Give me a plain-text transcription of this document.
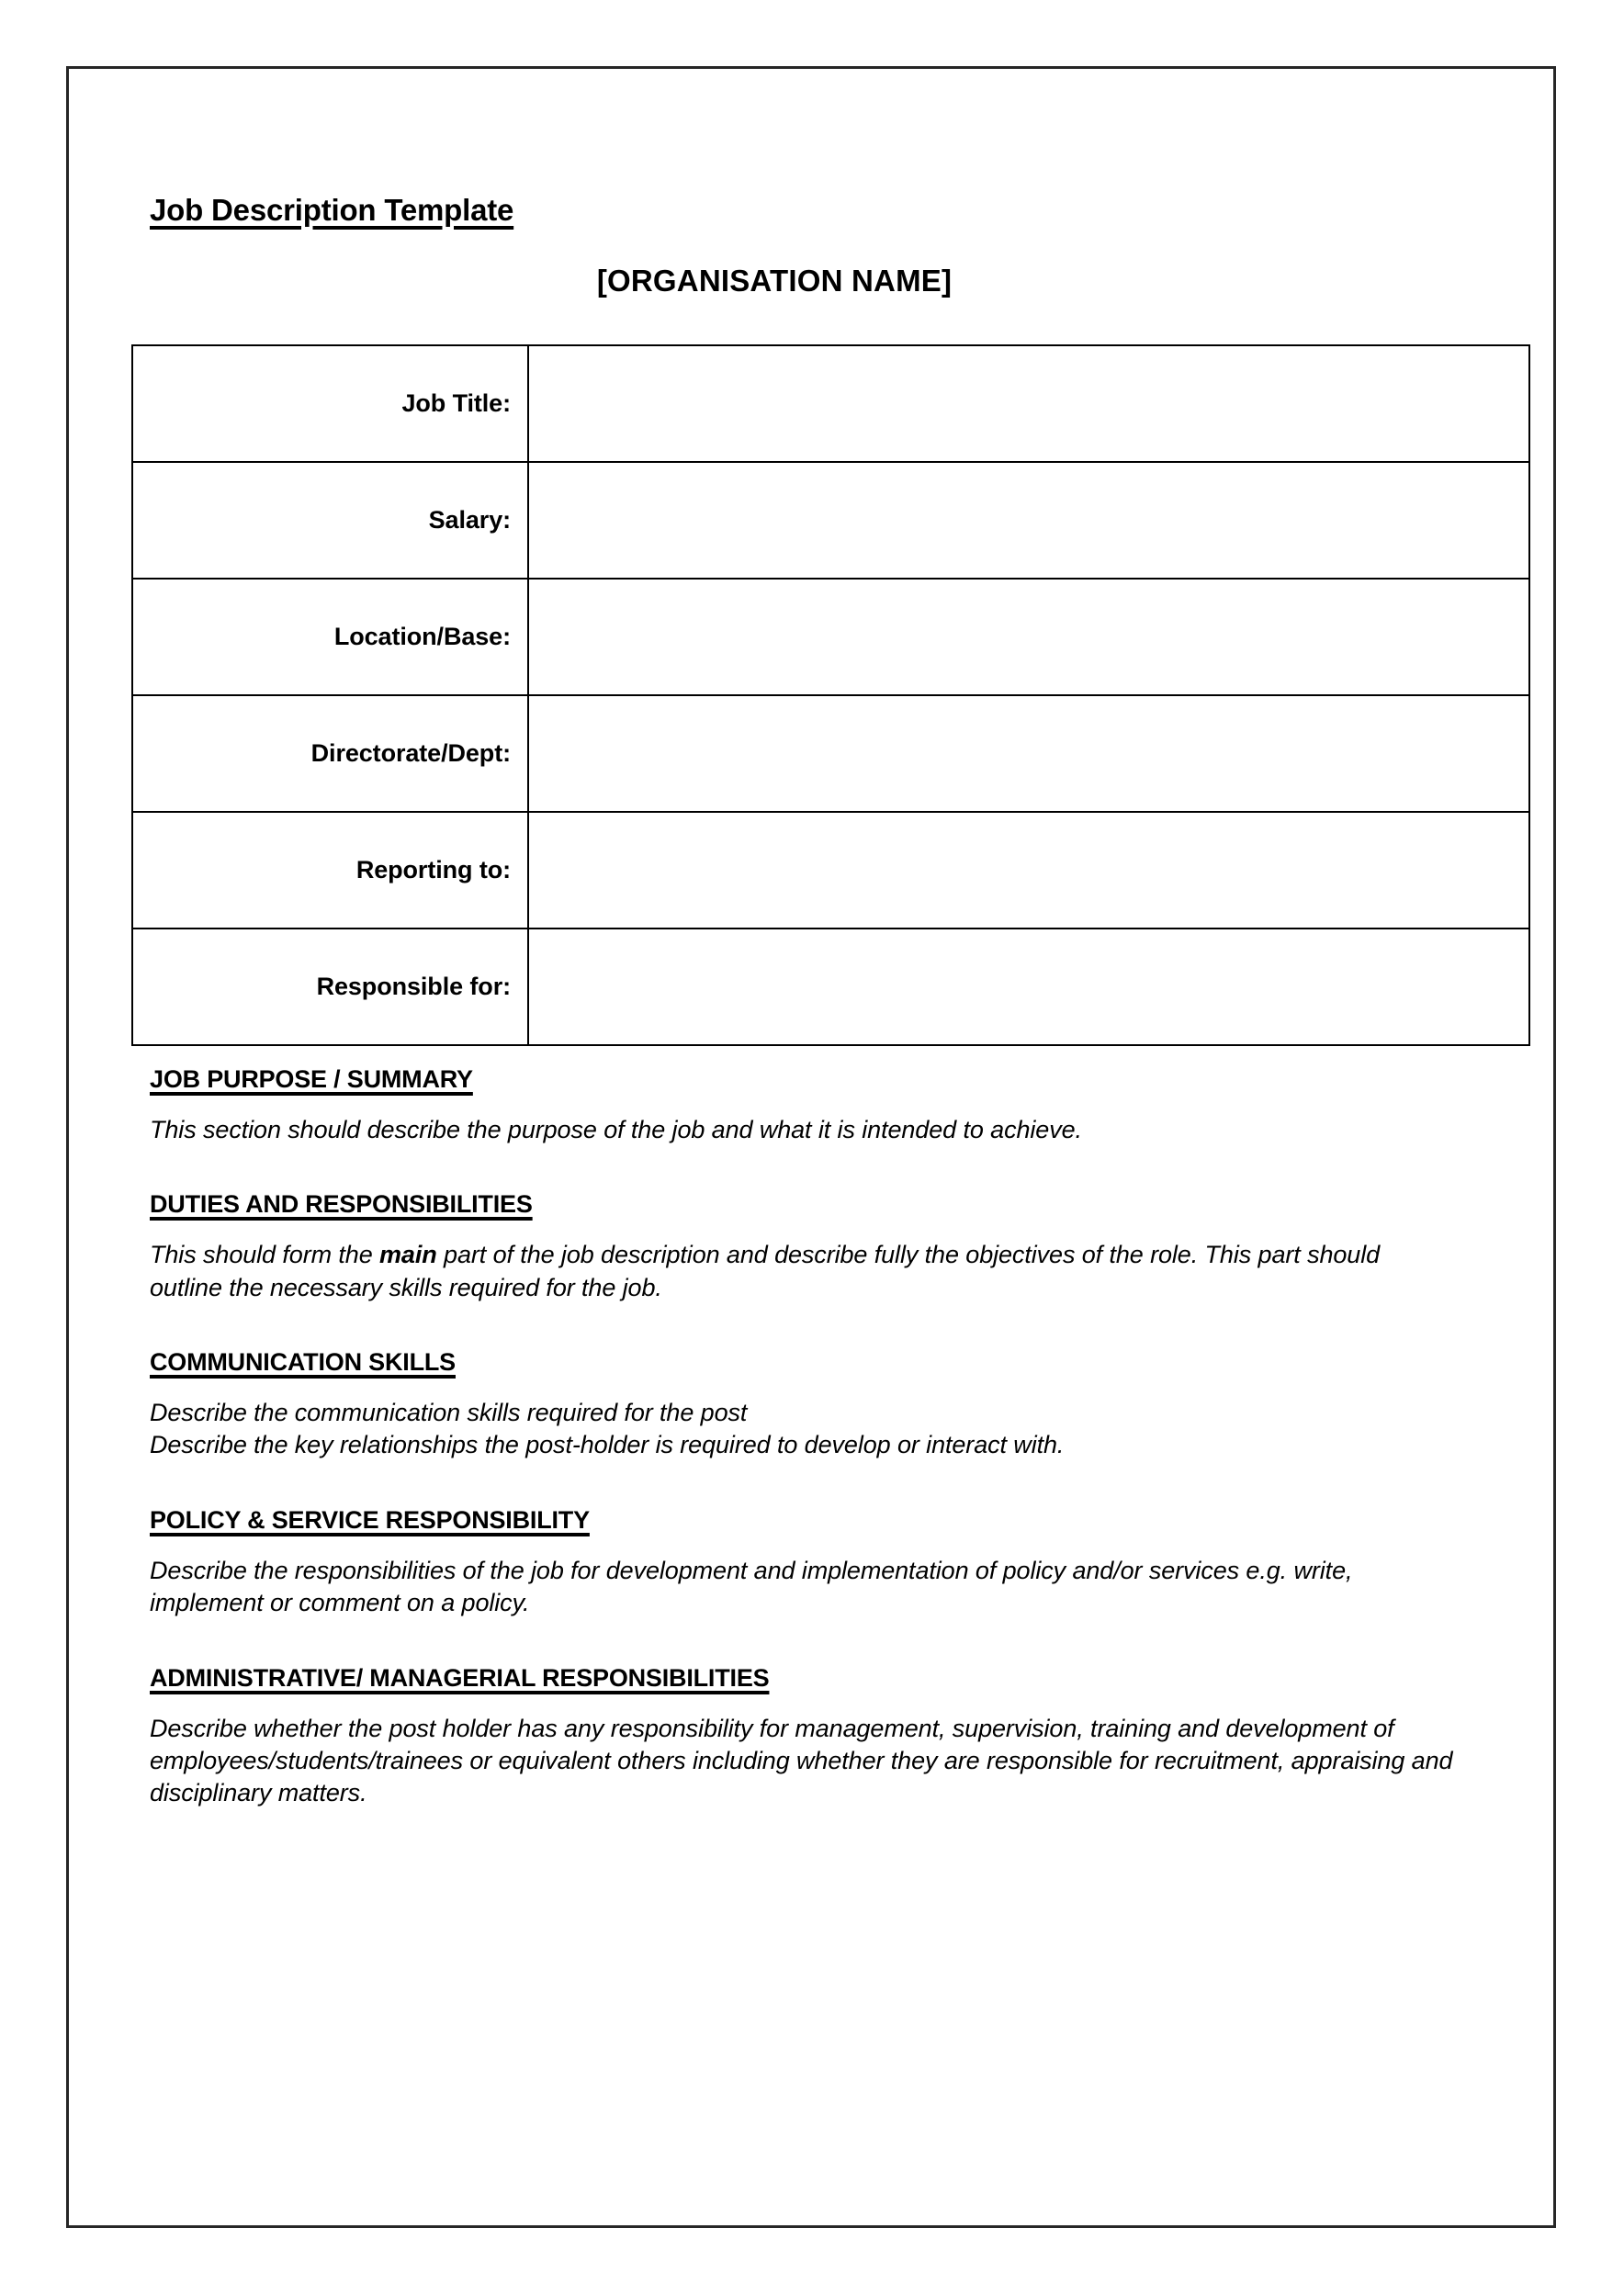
Job Description Template
[ORGANISATION NAME]
Job Title:	
Salary:	
Location/Base:	
Directorate/Dept:	
Reporting to:	
Responsible for:	
JOB PURPOSE / SUMMARY

This section should describe the purpose of the job and what it is intended to achieve.

DUTIES AND RESPONSIBILITIES

This should form the main part of the job description and describe fully the objectives of the role. This part should outline the necessary skills required for the job.

COMMUNICATION SKILLS

Describe the communication skills required for the post
Describe the key relationships the post-holder is required to develop or interact with.

POLICY & SERVICE RESPONSIBILITY

Describe the responsibilities of the job for development and implementation of policy and/or services e.g. write, implement or comment on a policy.

ADMINISTRATIVE/ MANAGERIAL RESPONSIBILITIES

Describe whether the post holder has any responsibility for management, supervision, training and development of employees/students/trainees or equivalent others including whether they are responsible for recruitment, appraising and disciplinary matters.
